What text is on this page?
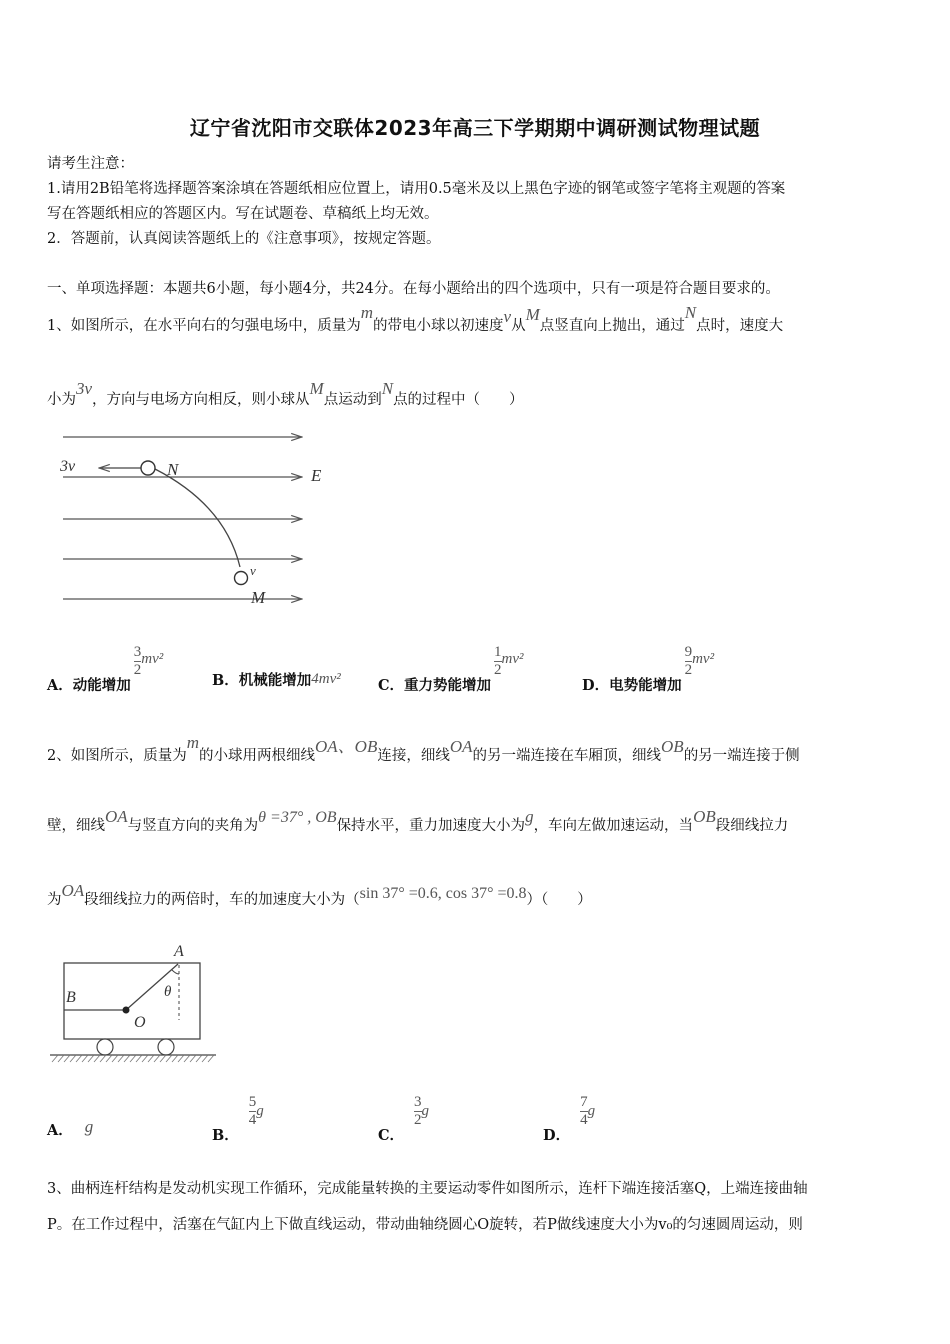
辽宁省沈阳市交联体2023年高三下学期期中调研测试物理试题
请考生注意：
1.请用2B铅笔将选择题答案涂填在答题纸相应位置上，请用0.5毫米及以上黑色字迹的钢笔或签字笔将主观题的答案
写在答题纸相应的答题区内。写在试题卷、草稿纸上均无效。
2．答题前，认真阅读答题纸上的《注意事项》，按规定答题。
一、单项选择题：本题共6小题，每小题4分，共24分。在每小题给出的四个选项中，只有一项是符合题目要求的。
1、如图所示，在水平向右的匀强电场中，质量为m的带电小球以初速度v从M点竖直向上抛出，通过N点时，速度大
小为3v，方向与电场方向相反，则小球从M点运动到N点的过程中（　　）
3v	N	E
v
M
A．动能增加
$\frac{3}{2} mv^2$
B．机械能增加4mv²	C．重力势能增加
$\frac{1}{2} mv^2$
D．电势能增加
$\frac{9}{2} mv^2$
2、如图所示，质量为m的小球用两根细线OA、OB连接，细线OA的另一端连接在车厢顶，细线OB的另一端连接于侧
壁，细线OA与竖直方向的夹角为θ =37° , OB保持水平，重力加速度大小为g，车向左做加速运动，当OB段细线拉力
为OA段细线拉力的两倍时，车的加速度大小为（sin 37° =0.6, cos 37° =0.8）（　　）
A
B
O
θ
A． g	B．
$\frac{5}{4}$ g
C．
$\frac{3}{2}$ g
D．
$\frac{7}{4}$ g
3、曲柄连杆结构是发动机实现工作循环，完成能量转换的主要运动零件如图所示，连杆下端连接活塞Q，上端连接曲轴
P。在工作过程中，活塞在气缸内上下做直线运动，带动曲轴绕圆心O旋转，若P做线速度大小为v₀的匀速圆周运动，则
